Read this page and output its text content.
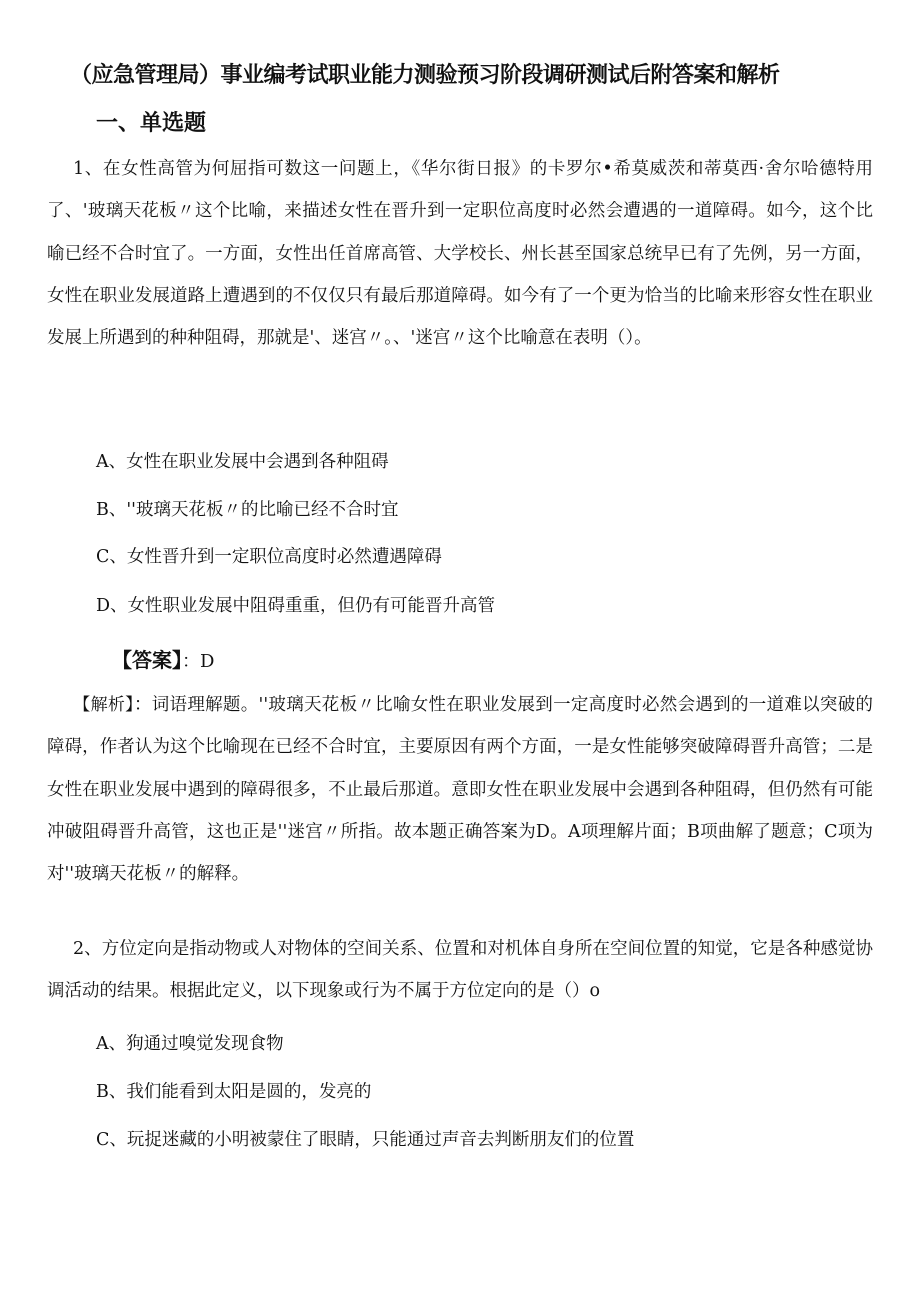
（应急管理局）事业编考试职业能力测验预习阶段调研测试后附答案和解析
一、单选题
1、在女性高管为何屈指可数这一问题上，《华尔街日报》的卡罗尔•希莫威茨和蒂莫西·舍尔哈德特用了、'玻璃天花板〃这个比喻，来描述女性在晋升到一定职位高度时必然会遭遇的一道障碍。如今，这个比喻已经不合时宜了。一方面，女性出任首席高管、大学校长、州长甚至国家总统早已有了先例，另一方面，女性在职业发展道路上遭遇到的不仅仅只有最后那道障碍。如今有了一个更为恰当的比喻来形容女性在职业发展上所遇到的种种阻碍，那就是'、迷宫〃。、'迷宫〃这个比喻意在表明（）。
A、女性在职业发展中会遇到各种阻碍
B、''玻璃天花板〃的比喻已经不合时宜
C、女性晋升到一定职位高度时必然遭遇障碍
D、女性职业发展中阻碍重重，但仍有可能晋升高管
【答案】：D
【解析】：词语理解题。''玻璃天花板〃比喻女性在职业发展到一定高度时必然会遇到的一道难以突破的障碍，作者认为这个比喻现在已经不合时宜，主要原因有两个方面，一是女性能够突破障碍晋升高管；二是女性在职业发展中遇到的障碍很多，不止最后那道。意即女性在职业发展中会遇到各种阻碍，但仍然有可能冲破阻碍晋升高管，这也正是''迷宫〃所指。故本题正确答案为D。A项理解片面；B项曲解了题意；C项为对''玻璃天花板〃的解释。
2、方位定向是指动物或人对物体的空间关系、位置和对机体自身所在空间位置的知觉，它是各种感觉协调活动的结果。根据此定义，以下现象或行为不属于方位定向的是（）o
A、狗通过嗅觉发现食物
B、我们能看到太阳是圆的，发亮的
C、玩捉迷藏的小明被蒙住了眼睛，只能通过声音去判断朋友们的位置
